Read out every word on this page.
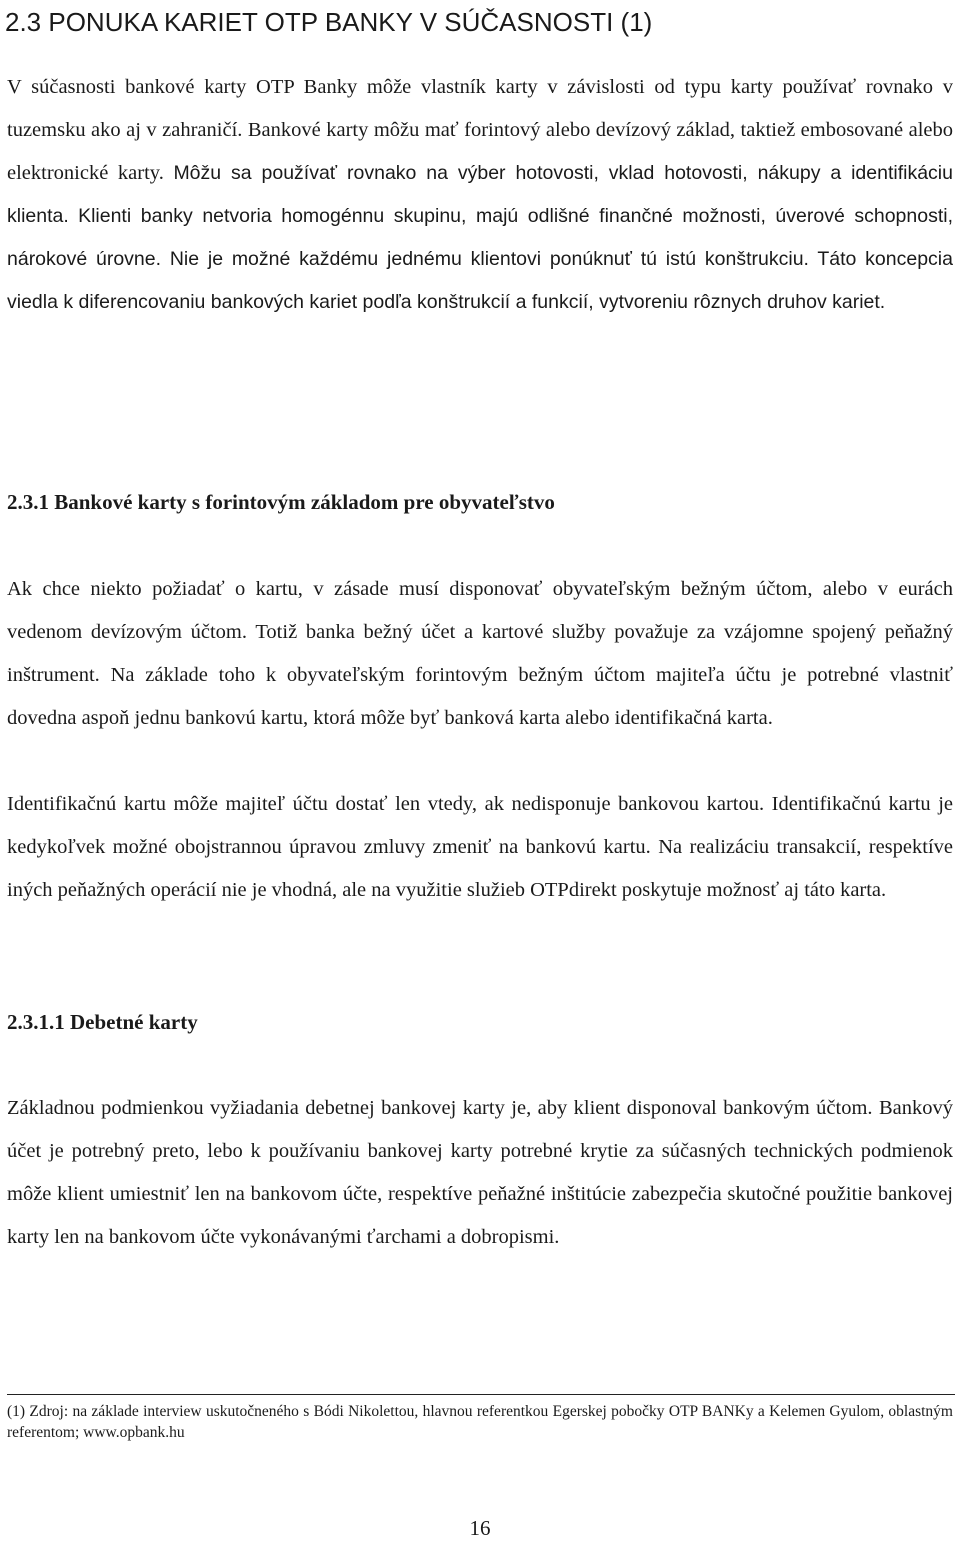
2.3 PONUKA KARIET OTP BANKY V SÚČASNOSTI (1)

V súčasnosti bankové karty OTP Banky môže vlastník karty v závislosti od typu karty používať rovnako v tuzemsku ako aj v zahraničí. Bankové karty môžu mať forintový alebo devízový základ, taktiež embosované alebo elektronické karty. Môžu sa používať rovnako na výber hotovosti, vklad hotovosti, nákupy a identifikáciu klienta. Klienti banky netvoria homogénnu skupinu, majú odlišné finančné možnosti, úverové schopnosti, nárokové úrovne. Nie je možné každému jednému klientovi ponúknuť tú istú konštrukciu. Táto koncepcia viedla k diferencovaniu bankových kariet podľa konštrukcií a funkcií, vytvoreniu rôznych druhov kariet.

2.3.1 Bankové karty s forintovým základom pre obyvateľstvo

Ak chce niekto požiadať o kartu, v zásade musí disponovať obyvateľským bežným účtom, alebo v eurách vedenom devízovým účtom. Totiž banka bežný účet a kartové služby považuje za vzájomne spojený peňažný inštrument. Na základe toho k obyvateľským forintovým bežným účtom majiteľa účtu je potrebné vlastniť dovedna aspoň jednu bankovú kartu, ktorá môže byť banková karta alebo identifikačná karta.

Identifikačnú kartu môže majiteľ účtu dostať len vtedy, ak nedisponuje bankovou kartou. Identifikačnú kartu je kedykoľvek možné obojstrannou úpravou zmluvy zmeniť na bankovú kartu. Na realizáciu transakcií, respektíve iných peňažných operácií nie je vhodná, ale na využitie služieb OTPdirekt poskytuje možnosť aj táto karta.

2.3.1.1 Debetné karty

Základnou podmienkou vyžiadania debetnej bankovej karty je, aby klient disponoval bankovým účtom. Bankový účet je potrebný preto, lebo k používaniu bankovej karty potrebné krytie za súčasných technických podmienok môže klient umiestniť len na bankovom účte, respektíve peňažné inštitúcie zabezpečia skutočné použitie bankovej karty len na bankovom účte vykonávanými ťarchami a dobropismi.

(1) Zdroj: na základe interview uskutočneného s Bódi Nikolettou, hlavnou referentkou Egerskej pobočky OTP BANKy a Kelemen Gyulom, oblastným referentom; www.opbank.hu

16
